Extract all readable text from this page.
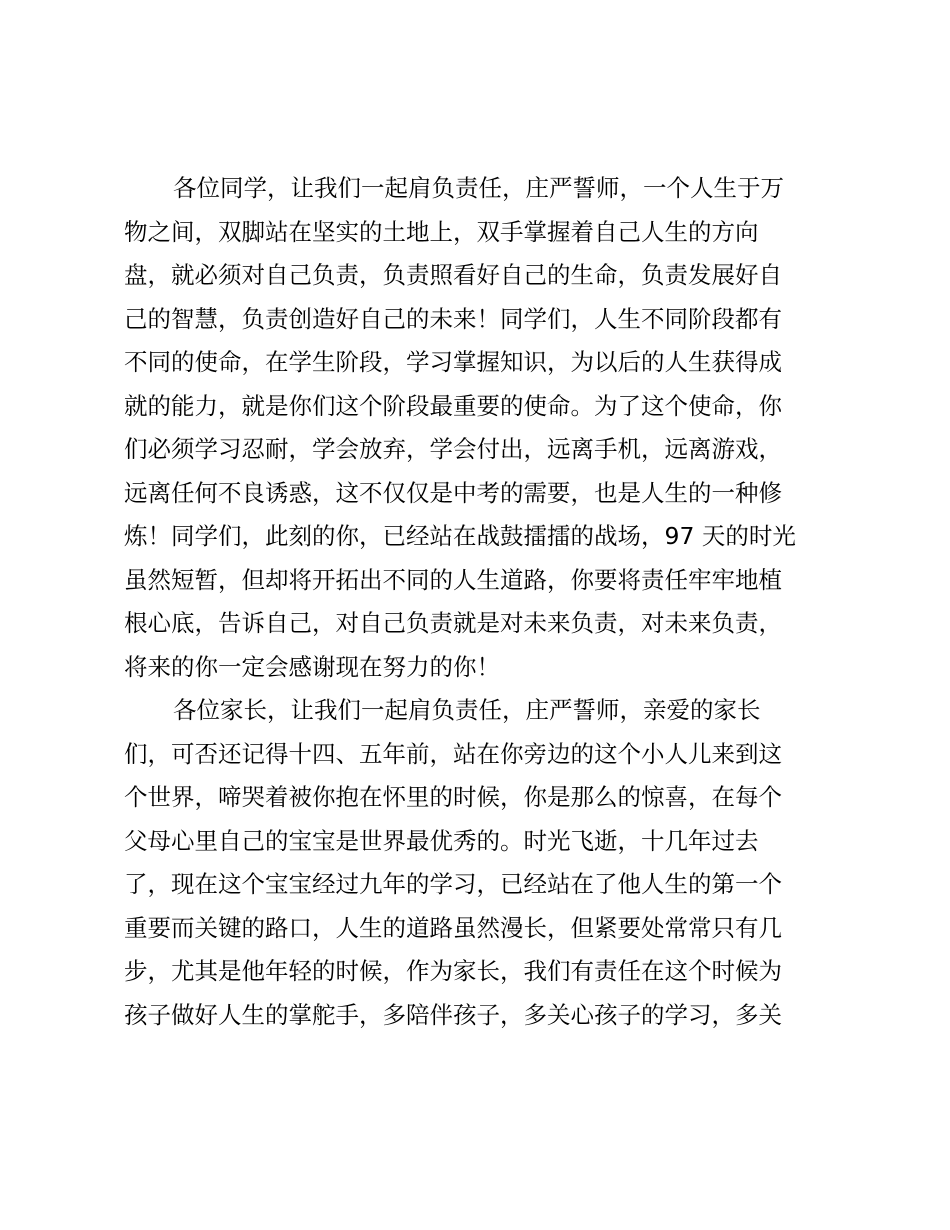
各位同学，让我们一起肩负责任，庄严誓师，一个人生于万
物之间，双脚站在坚实的土地上，双手掌握着自己人生的方向
盘，就必须对自己负责，负责照看好自己的生命，负责发展好自
己的智慧，负责创造好自己的未来！同学们，人生不同阶段都有
不同的使命，在学生阶段，学习掌握知识，为以后的人生获得成
就的能力，就是你们这个阶段最重要的使命。为了这个使命，你
们必须学习忍耐，学会放弃，学会付出，远离手机，远离游戏，
远离任何不良诱惑，这不仅仅是中考的需要，也是人生的一种修
炼！同学们，此刻的你，已经站在战鼓擂擂的战场，97 天的时光
虽然短暂，但却将开拓出不同的人生道路，你要将责任牢牢地植
根心底，告诉自己，对自己负责就是对未来负责，对未来负责，
将来的你一定会感谢现在努力的你！
各位家长，让我们一起肩负责任，庄严誓师，亲爱的家长
们，可否还记得十四、五年前，站在你旁边的这个小人儿来到这
个世界，啼哭着被你抱在怀里的时候，你是那么的惊喜，在每个
父母心里自己的宝宝是世界最优秀的。时光飞逝，十几年过去
了，现在这个宝宝经过九年的学习，已经站在了他人生的第一个
重要而关键的路口，人生的道路虽然漫长，但紧要处常常只有几
步，尤其是他年轻的时候，作为家长，我们有责任在这个时候为
孩子做好人生的掌舵手，多陪伴孩子，多关心孩子的学习，多关
